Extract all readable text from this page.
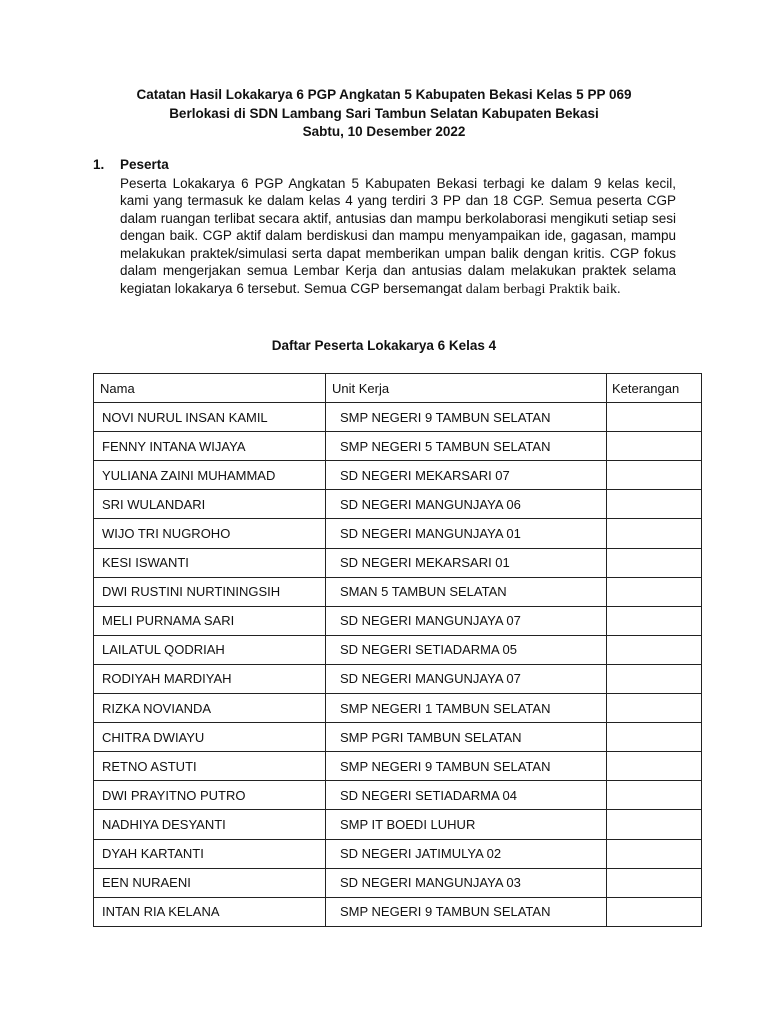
Catatan Hasil Lokakarya 6 PGP Angkatan 5 Kabupaten Bekasi Kelas 5 PP 069
Berlokasi di SDN Lambang Sari Tambun Selatan Kabupaten Bekasi
Sabtu, 10 Desember 2022
1.	Peserta
Peserta Lokakarya 6 PGP Angkatan 5 Kabupaten Bekasi terbagi ke dalam 9 kelas kecil, kami yang termasuk ke dalam kelas 4 yang terdiri 3 PP dan 18 CGP. Semua peserta CGP dalam ruangan terlibat secara aktif, antusias dan mampu berkolaborasi mengikuti setiap sesi dengan baik. CGP aktif dalam berdiskusi dan mampu menyampaikan ide, gagasan, mampu melakukan praktek/simulasi serta dapat memberikan umpan balik dengan kritis. CGP fokus dalam mengerjakan semua Lembar Kerja dan antusias dalam melakukan praktek selama kegiatan lokakarya 6 tersebut. Semua CGP bersemangat dalam berbagi Praktik baik.
Daftar Peserta Lokakarya 6 Kelas 4
Nama	Unit Kerja	Keterangan
NOVI NURUL INSAN KAMIL	SMP NEGERI 9 TAMBUN SELATAN	
FENNY INTANA WIJAYA	SMP NEGERI 5 TAMBUN SELATAN	
YULIANA ZAINI MUHAMMAD	SD NEGERI MEKARSARI 07	
SRI WULANDARI	SD NEGERI MANGUNJAYA 06	
WIJO TRI NUGROHO	SD NEGERI MANGUNJAYA 01	
KESI ISWANTI	SD NEGERI MEKARSARI 01	
DWI RUSTINI NURTININGSIH	SMAN 5 TAMBUN SELATAN	
MELI PURNAMA SARI	SD NEGERI MANGUNJAYA 07	
LAILATUL QODRIAH	SD NEGERI SETIADARMA 05	
RODIYAH MARDIYAH	SD NEGERI MANGUNJAYA 07	
RIZKA NOVIANDA	SMP NEGERI 1 TAMBUN SELATAN	
CHITRA DWIAYU	SMP PGRI TAMBUN SELATAN	
RETNO ASTUTI	SMP NEGERI 9 TAMBUN SELATAN	
DWI PRAYITNO PUTRO	SD NEGERI SETIADARMA 04	
NADHIYA DESYANTI	SMP IT BOEDI LUHUR	
DYAH KARTANTI	SD NEGERI JATIMULYA 02	
EEN NURAENI	SD NEGERI MANGUNJAYA 03	
INTAN RIA KELANA	SMP NEGERI 9 TAMBUN SELATAN	
